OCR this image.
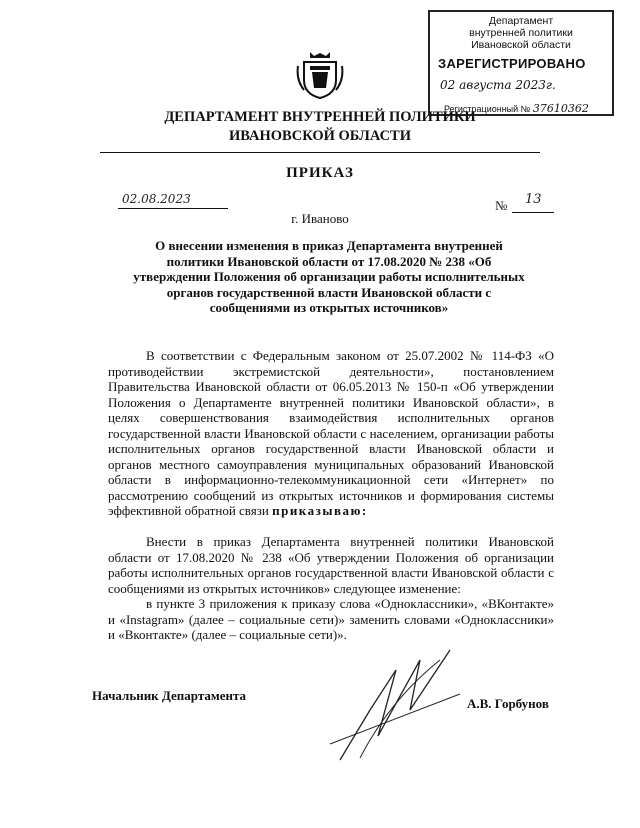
Департамент
внутренней политики
Ивановской области
ЗАРЕГИСТРИРОВАНО
02 августа 2023г.
Регистрационный № 37610362
ДЕПАРТАМЕНТ ВНУТРЕННЕЙ ПОЛИТИКИ
ИВАНОВСКОЙ ОБЛАСТИ
ПРИКАЗ
02.08.2023	№ 13
г. Иваново
О внесении изменения в приказ Департамента внутренней политики Ивановской области от 17.08.2020 № 238 «Об утверждении Положения об организации работы исполнительных органов государственной власти Ивановской области с сообщениями из открытых источников»
В соответствии с Федеральным законом от 25.07.2002 № 114-ФЗ «О противодействии экстремистской деятельности», постановлением Правительства Ивановской области от 06.05.2013 № 150-п «Об утверждении Положения о Департаменте внутренней политики Ивановской области», в целях совершенствования взаимодействия исполнительных органов государственной власти Ивановской области с населением, организации работы исполнительных органов государственной власти Ивановской области и органов местного самоуправления муниципальных образований Ивановской области в информационно-телекоммуникационной сети «Интернет» по рассмотрению сообщений из открытых источников и формирования системы эффективной обратной связи приказываю:
Внести в приказ Департамента внутренней политики Ивановской области от 17.08.2020 № 238 «Об утверждении Положения об организации работы исполнительных органов государственной власти Ивановской области с сообщениями из открытых источников» следующее изменение:
в пункте 3 приложения к приказу слова «Одноклассники», «ВКонтакте» и «Instagram» (далее – социальные сети)» заменить словами «Одноклассники» и «Вконтакте» (далее – социальные сети)».
Начальник Департамента
А.В. Горбунов
